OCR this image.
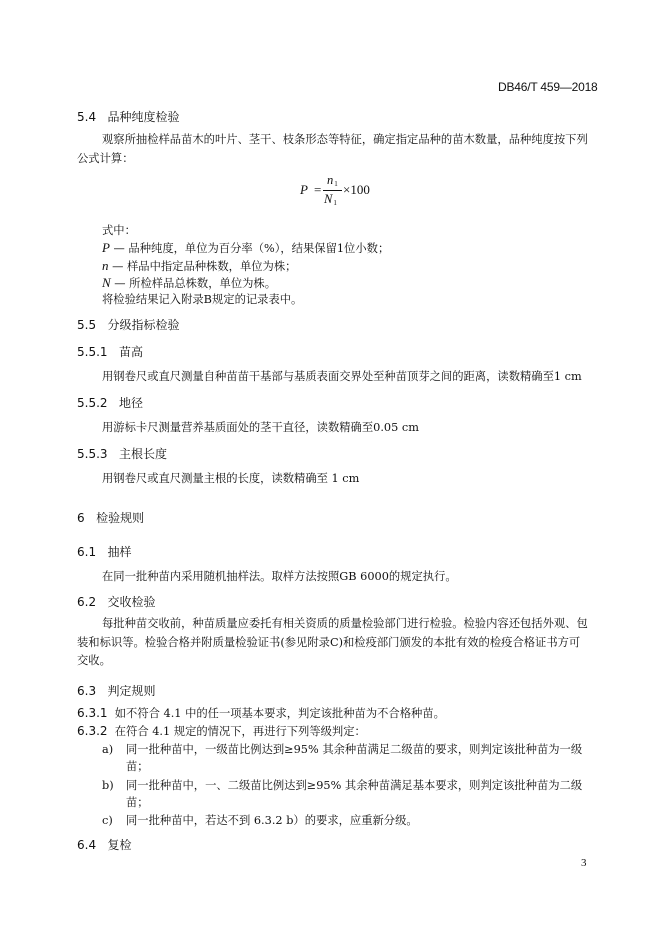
DB46/T 459—2018
5.4 品种纯度检验
观察所抽检样品苗木的叶片、茎干、枝条形态等特征，确定指定品种的苗木数量，品种纯度按下列
公式计算：
P =
$n_1$
$N_1$
×100
式中：
P — 品种纯度，单位为百分率（%），结果保留1位小数；
n — 样品中指定品种株数，单位为株；
N — 所检样品总株数，单位为株。
将检验结果记入附录B规定的记录表中。
5.5 分级指标检验
5.5.1 苗高
用钢卷尺或直尺测量自种苗苗干基部与基质表面交界处至种苗顶芽之间的距离，读数精确至1 cm
5.5.2 地径
用游标卡尺测量营养基质面处的茎干直径，读数精确至0.05 cm
5.5.3 主根长度
用钢卷尺或直尺测量主根的长度，读数精确至 1 cm
6 检验规则
6.1 抽样
在同一批种苗内采用随机抽样法。取样方法按照GB 6000的规定执行。
6.2 交收检验
每批种苗交收前，种苗质量应委托有相关资质的质量检验部门进行检验。检验内容还包括外观、包
装和标识等。检验合格并附质量检验证书(参见附录C)和检疫部门颁发的本批有效的检疫合格证书方可
交收。
6.3 判定规则
6.3.1 如不符合 4.1 中的任一项基本要求，判定该批种苗为不合格种苗。
6.3.2 在符合 4.1 规定的情况下，再进行下列等级判定：
a) 同一批种苗中，一级苗比例达到≥95% 其余种苗满足二级苗的要求，则判定该批种苗为一级
苗；
b) 同一批种苗中，一、二级苗比例达到≥95% 其余种苗满足基本要求，则判定该批种苗为二级
苗；
c) 同一批种苗中，若达不到 6.3.2 b）的要求，应重新分级。
6.4 复检
3
